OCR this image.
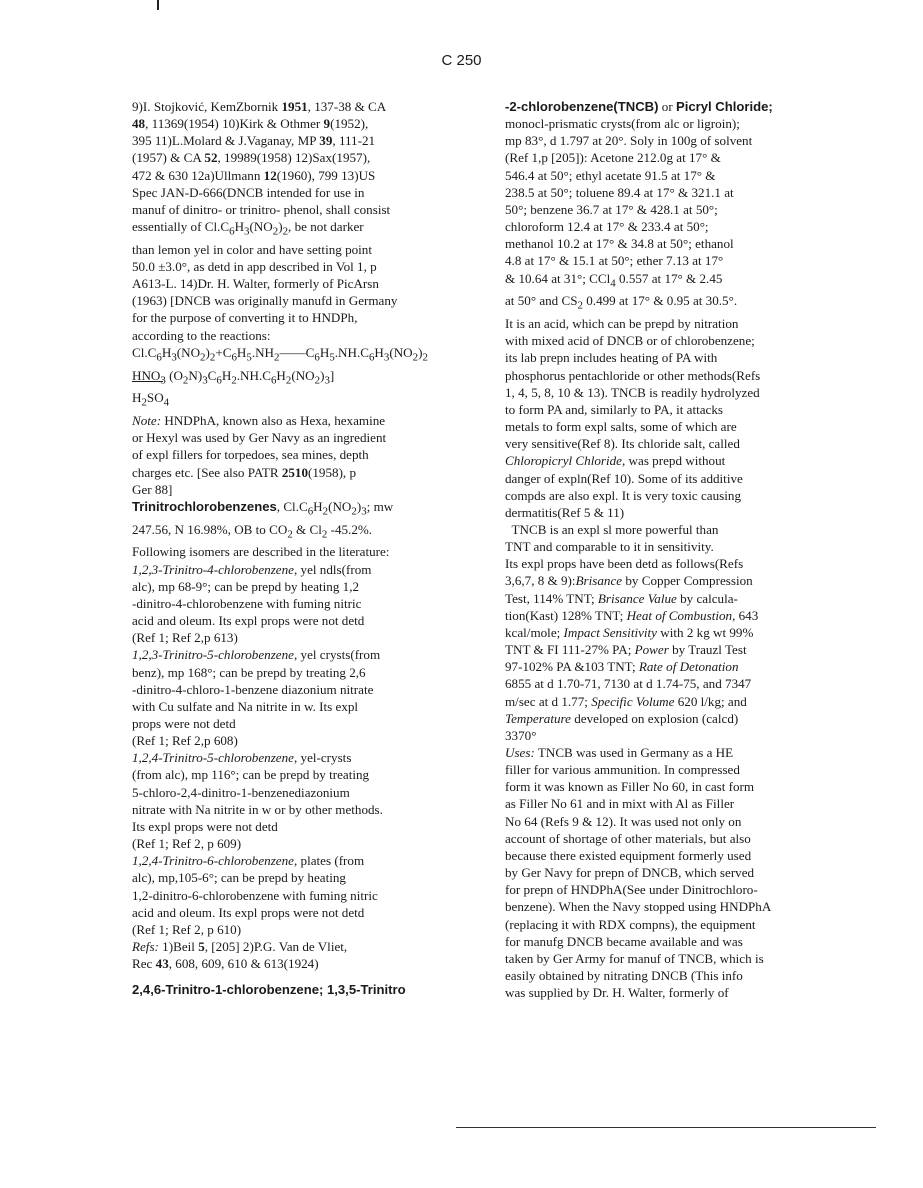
C 250

9)I. Stojković, KemZbornik 1951, 137-38 & CA

48, 11369(1954) 10)Kirk & Othmer 9(1952),

395 11)L.Molard & J.Vaganay, MP 39, 111-21

(1957) & CA 52, 19989(1958) 12)Sax(1957),

472 & 630 12a)Ullmann 12(1960), 799 13)US

Spec JAN-D-666(DNCB intended for use in

manuf of dinitro- or trinitro- phenol, shall consist

essentially of $Cl.C_6H_3(NO_2)_2$, be not darker

than lemon yel in color and have setting point

50.0 ±3.0°, as detd in app described in Vol 1, p

A613-L. 14)Dr. H. Walter, formerly of PicArsn

(1963) [DNCB was originally manufd in Germany

for the purpose of converting it to HNDPh,

according to the reactions:

$Cl.C_6H_3(NO_2)_2+C_6H_5.NH_2——C_6H_5.NH.C_6H_3(NO_2)_2$

$HNO_3$ $(O_2N)_3C_6H_2.NH.C_6H_2(NO_2)_3$]

$H_2SO_4$

Note: HNDPhA, known also as Hexa, hexamine

or Hexyl was used by Ger Navy as an ingredient

of expl fillers for torpedoes, sea mines, depth

charges etc. [See also PATR 2510(1958), p

Ger 88]

Trinitrochlorobenzenes, $Cl.C_6H_2(NO_2)_3$; mw

247.56, N 16.98%, OB to $CO_2$ & $Cl_2$ -45.2%.

Following isomers are described in the literature:

1,2,3-Trinitro-4-chlorobenzene, yel ndls(from

alc), mp 68-9°; can be prepd by heating 1,2

-dinitro-4-chlorobenzene with fuming nitric

acid and oleum. Its expl props were not detd

(Ref 1; Ref 2,p 613)

1,2,3-Trinitro-5-chlorobenzene, yel crysts(from

benz), mp 168°; can be prepd by treating 2,6

-dinitro-4-chloro-1-benzene diazonium nitrate

with Cu sulfate and Na nitrite in w. Its expl

props were not detd

(Ref 1; Ref 2,p 608)

1,2,4-Trinitro-5-chlorobenzene, yel-crysts

(from alc), mp 116°; can be prepd by treating

5-chloro-2,4-dinitro-1-benzenediazonium

nitrate with Na nitrite in w or by other methods.

Its expl props were not detd

(Ref 1; Ref 2, p 609)

1,2,4-Trinitro-6-chlorobenzene, plates (from

alc), mp,105-6°; can be prepd by heating

1,2-dinitro-6-chlorobenzene with fuming nitric

acid and oleum. Its expl props were not detd

(Ref 1; Ref 2, p 610)

Refs: 1)Beil 5, [205] 2)P.G. Van de Vliet,

Rec 43, 608, 609, 610 & 613(1924)

2,4,6-Trinitro-1-chlorobenzene; 1,3,5-Trinitro

-2-chlorobenzene(TNCB) or Picryl Chloride;

monocl-prismatic crysts(from alc or ligroin);

mp 83°, d 1.797 at 20°. Soly in 100g of solvent

(Ref 1,p [205]): Acetone 212.0g at 17° &

546.4 at 50°; ethyl acetate 91.5 at 17° &

238.5 at 50°; toluene 89.4 at 17° & 321.1 at

50°; benzene 36.7 at 17° & 428.1 at 50°;

chloroform 12.4 at 17° & 233.4 at 50°;

methanol 10.2 at 17° & 34.8 at 50°; ethanol

4.8 at 17° & 15.1 at 50°; ether 7.13 at 17°

& 10.64 at 31°; CCl$_4$ 0.557 at 17° & 2.45

at 50° and $CS_2$ 0.499 at 17° & 0.95 at 30.5°.

It is an acid, which can be prepd by nitration

with mixed acid of DNCB or of chlorobenzene;

its lab prepn includes heating of PA with

phosphorus pentachloride or other methods(Refs

1, 4, 5, 8, 10 & 13). TNCB is readily hydrolyzed

to form PA and, similarly to PA, it attacks

metals to form expl salts, some of which are

very sensitive(Ref 8). Its chloride salt, called

Chloropicryl Chloride, was prepd without

danger of expln(Ref 10). Some of its additive

compds are also expl. It is very toxic causing

dermatitis(Ref 5 & 11)

TNCB is an expl sl more powerful than

TNT and comparable to it in sensitivity.

Its expl props have been detd as follows(Refs

3,6,7, 8 & 9):Brisance by Copper Compression

Test, 114% TNT; Brisance Value by calcula-

tion(Kast) 128% TNT; Heat of Combustion, 643

kcal/mole; Impact Sensitivity with 2 kg wt 99%

TNT & FI 111-27% PA; Power by Trauzl Test

97-102% PA &103 TNT; Rate of Detonation

6855 at d 1.70-71, 7130 at d 1.74-75, and 7347

m/sec at d 1.77; Specific Volume 620 l/kg; and

Temperature developed on explosion (calcd)

3370°

Uses: TNCB was used in Germany as a HE

filler for various ammunition. In compressed

form it was known as Filler No 60, in cast form

as Filler No 61 and in mixt with Al as Filler

No 64 (Refs 9 & 12). It was used not only on

account of shortage of other materials, but also

because there existed equipment formerly used

by Ger Navy for prepn of DNCB, which served

for prepn of HNDPhA(See under Dinitrochloro-

benzene). When the Navy stopped using HNDPhA

(replacing it with RDX compns), the equipment

for manufg DNCB became available and was

taken by Ger Army for manuf of TNCB, which is

easily obtained by nitrating DNCB (This info

was supplied by Dr. H. Walter, formerly of
